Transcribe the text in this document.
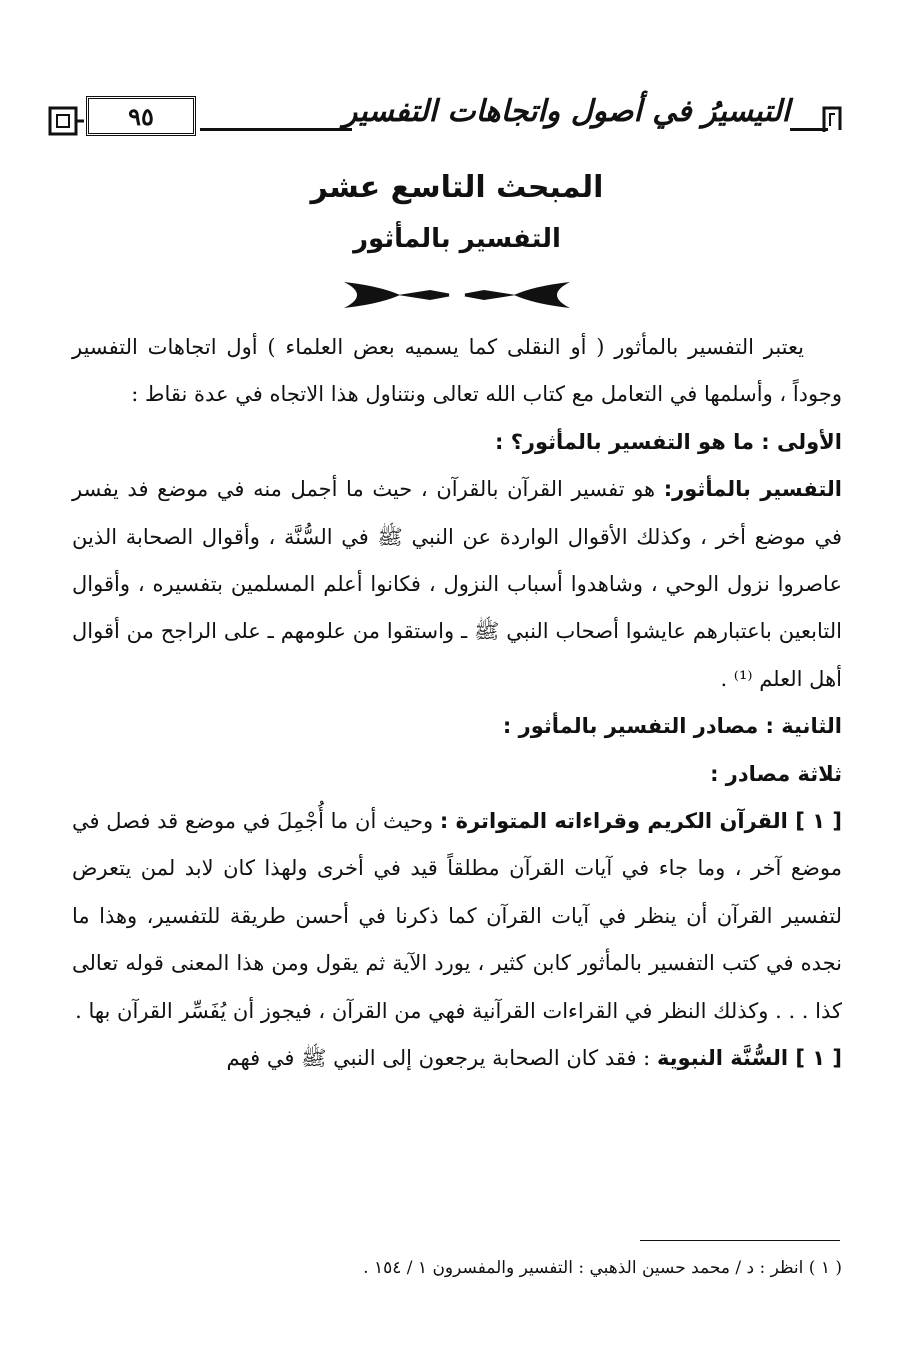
٩٥	التيسيرُ في أصول واتجاهات التفسير
المبحث التاسع عشر
التفسير بالمأثور

يعتبر التفسير بالمأثور ( أو النقلى كما يسميه بعض العلماء ) أول اتجاهات التفسير وجوداً ، وأسلمها في التعامل مع كتاب الله تعالى ونتناول هذا الاتجاه في عدة نقاط :

الأولى : ما هو التفسير بالمأثور؟ :

التفسير بالمأثور: هو تفسير القرآن بالقرآن ، حيث ما أجمل منه في موضع فد يفسر في موضع أخر ، وكذلك الأقوال الواردة عن النبي ﷺ في السُّنَّة ، وأقوال الصحابة الذين عاصروا نزول الوحي ، وشاهدوا أسباب النزول ، فكانوا أعلم المسلمين بتفسيره ، وأقوال التابعين باعتبارهم عايشوا أصحاب النبي ﷺ ـ واستقوا من علومهم ـ على الراجح من أقوال أهل العلم ⁽¹⁾ .

الثانية : مصادر التفسير بالمأثور :

ثلاثة مصادر :

[ ١ ] القرآن الكريم وقراءاته المتواترة : وحيث أن ما أُجْمِلَ في موضع قد فصل في موضع آخر ، وما جاء في آيات القرآن مطلقاً قيد في أخرى ولهذا كان لابد لمن يتعرض لتفسير القرآن أن ينظر في آيات القرآن كما ذكرنا في أحسن طريقة للتفسير، وهذا ما نجده في كتب التفسير بالمأثور كابن كثير ، يورد الآية ثم يقول ومن هذا المعنى قوله تعالى كذا . . . وكذلك النظر في القراءات القرآنية فهي من القرآن ، فيجوز أن يُفَسِّر القرآن بها .

[ ١ ] السُّنَّة النبوية : فقد كان الصحابة يرجعون إلى النبي ﷺ في فهم

( ١ ) انظر : د / محمد حسين الذهبي : التفسير والمفسرون ١ / ١٥٤ .
